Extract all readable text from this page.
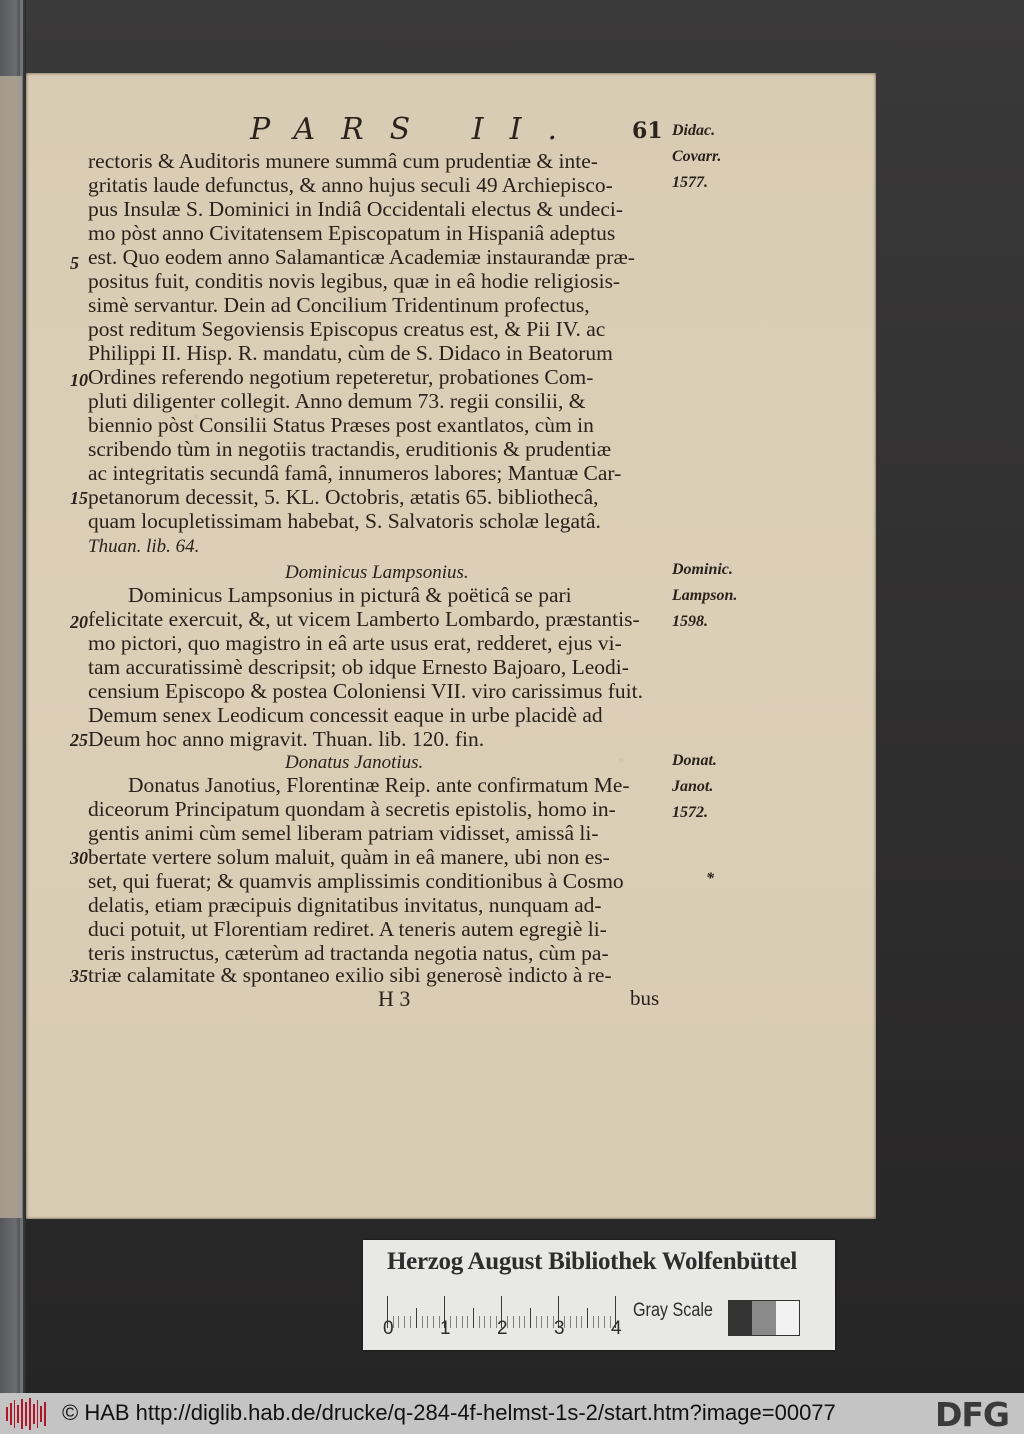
PARS II. 61 Didac.
Covarr.
1577.
Dominic.
Lampson.
1598.
Donat.
Janot.
1572.
*
5
10
15
20
25
30
35
rectoris & Auditoris munere summâ cum prudentiæ & inte-
gritatis laude defunctus, & anno hujus seculi 49 Archiepisco-
pus Insulæ S. Dominici in Indiâ Occidentali electus & undeci-
mo pòst anno Civitatensem Episcopatum in Hispaniâ adeptus
est. Quo eodem anno Salamanticæ Academiæ instaurandæ præ-
positus fuit, conditis novis legibus, quæ in eâ hodie religiosis-
simè servantur. Dein ad Concilium Tridentinum profectus,
post reditum Segoviensis Episcopus creatus est, & Pii IV. ac
Philippi II. Hisp. R. mandatu, cùm de S. Didaco in Beatorum
Ordines referendo negotium repeteretur, probationes Com-
pluti diligenter collegit. Anno demum 73. regii consilii, &
biennio pòst Consilii Status Præses post exantlatos, cùm in
scribendo tùm in negotiis tractandis, eruditionis & prudentiæ
ac integritatis secundâ famâ, innumeros labores; Mantuæ Car-
petanorum decessit, 5. KL. Octobris, ætatis 65. bibliothecâ,
quam locupletissimam habebat, S. Salvatoris scholæ legatâ.
Thuan. lib. 64.
Dominicus Lampsonius.
Dominicus Lampsonius in picturâ & poëticâ se pari
felicitate exercuit, &, ut vicem Lamberto Lombardo, præstantis-
mo pictori, quo magistro in eâ arte usus erat, redderet, ejus vi-
tam accuratissimè descripsit; ob idque Ernesto Bajoaro, Leodi-
censium Episcopo & postea Coloniensi VII. viro carissimus fuit.
Demum senex Leodicum concessit eaque in urbe placidè ad
Deum hoc anno migravit. Thuan. lib. 120. fin.
Donatus Janotius.
Donatus Janotius, Florentinæ Reip. ante confirmatum Me-
diceorum Principatum quondam à secretis epistolis, homo in-
gentis animi cùm semel liberam patriam vidisset, amissâ li-
bertate vertere solum maluit, quàm in eâ manere, ubi non es-
set, qui fuerat; & quamvis amplissimis conditionibus à Cosmo
delatis, etiam præcipuis dignitatibus invitatus, nunquam ad-
duci potuit, ut Florentiam rediret. A teneris autem egregiè li-
teris instructus, cæterùm ad tractanda negotia natus, cùm pa-
triæ calamitate & spontaneo exilio sibi generosè indicto à re-
H 3	bus
Herzog August Bibliothek Wolfenbüttel
0 1 2 3 4
Gray Scale
© HAB http://diglib.hab.de/drucke/q-284-4f-helmst-1s-2/start.htm?image=00077	DFG
